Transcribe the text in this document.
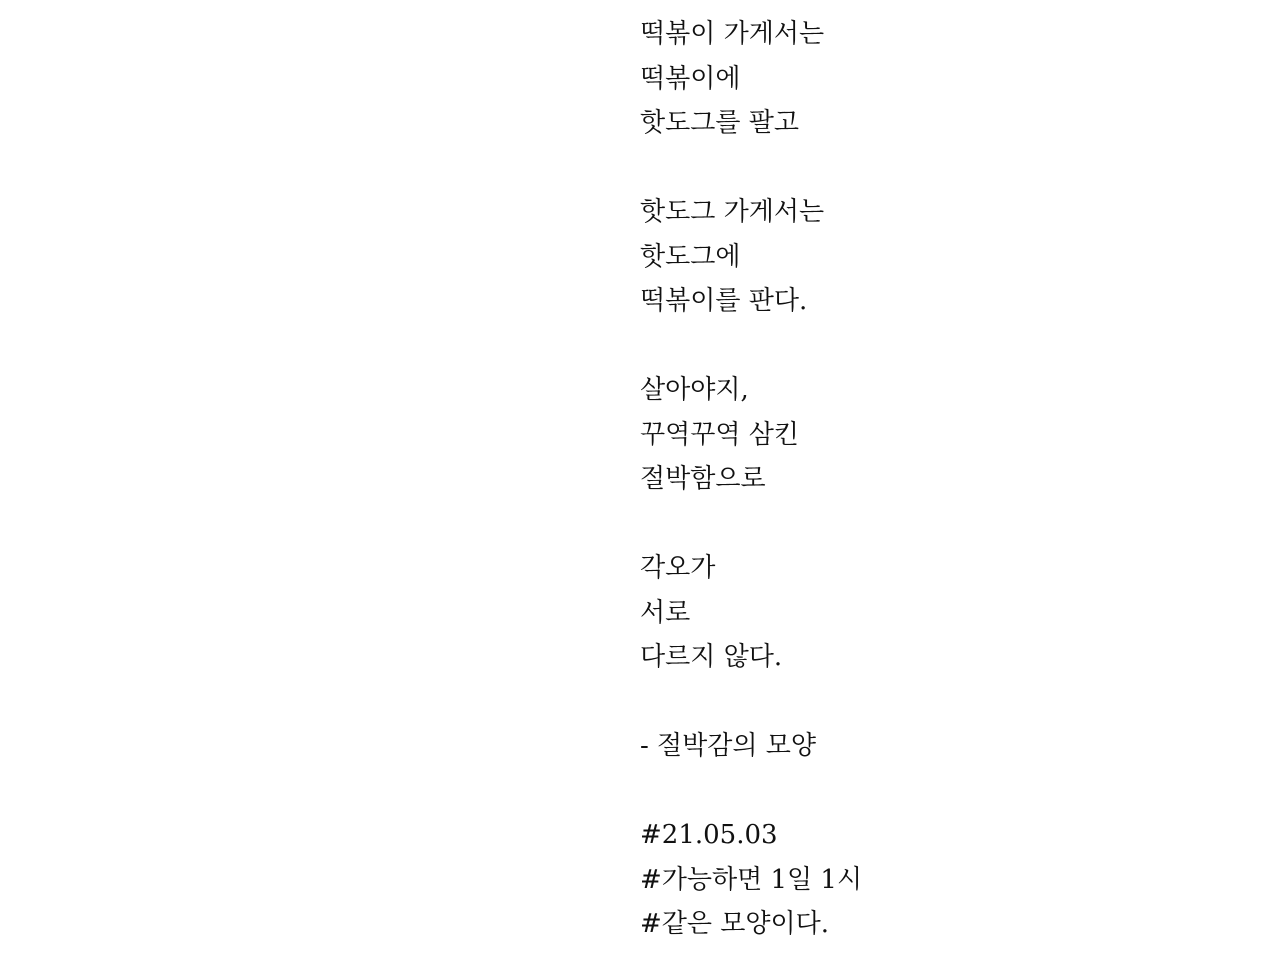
떡볶이 가게서는
떡볶이에
핫도그를 팔고
핫도그 가게서는
핫도그에
떡볶이를 판다.
살아야지,
꾸역꾸역 삼킨
절박함으로
각오가
서로
다르지 않다.
- 절박감의 모양
#21.05.03
#가능하면 1일 1시
#같은 모양이다.
